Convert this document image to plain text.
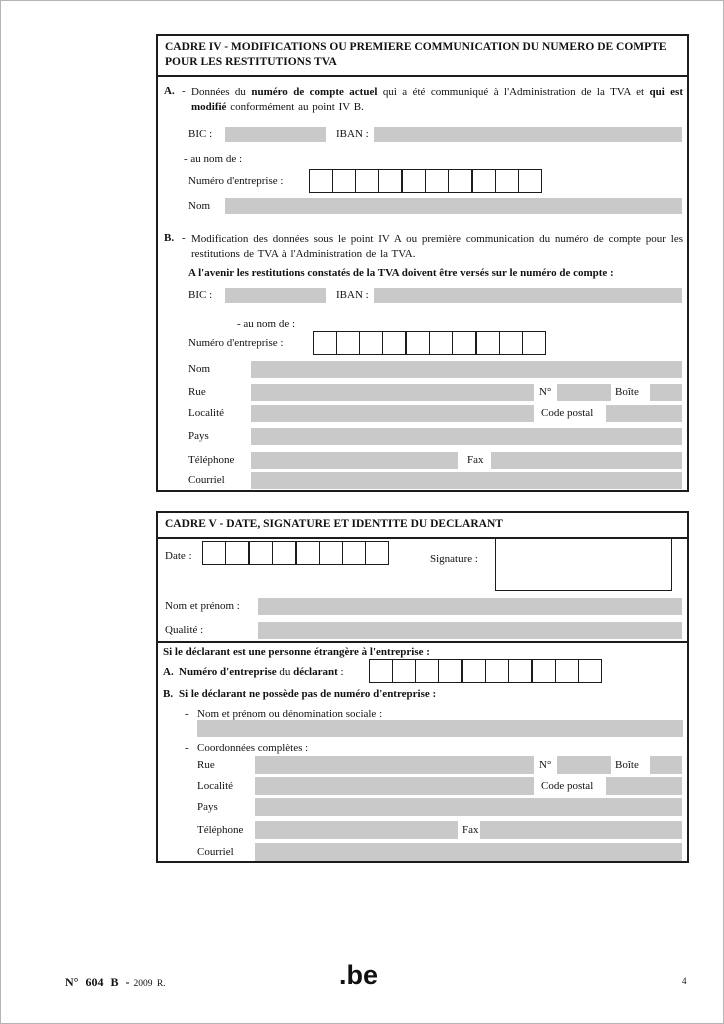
CADRE IV - MODIFICATIONS OU PREMIERE COMMUNICATION DU NUMERO DE COMPTE POUR LES RESTITUTIONS TVA
A. - Données du numéro de compte actuel qui a été communiqué à l'Administration de la TVA et qui est modifié conformément au point IV B.
BIC :	IBAN :
- au nom de :
Numéro d'entreprise :
Nom
B. - Modification des données sous le point IV A ou première communication du numéro de compte pour les restitutions de TVA à l'Administration de la TVA.
A l'avenir les restitutions constatés de la TVA doivent être versés sur le numéro de compte :
BIC :	IBAN :
- au nom de :
Numéro d'entreprise :
Nom
Rue	N°	Boîte
Localité	Code postal
Pays
Téléphone	Fax
Courriel
CADRE V - DATE, SIGNATURE ET IDENTITE DU DECLARANT
Date :	Signature :
Nom et prénom :
Qualité :
Si le déclarant est une personne étrangère à l'entreprise :
A. Numéro d'entreprise du déclarant :
B. Si le déclarant ne possède pas de numéro d'entreprise :
- Nom et prénom ou dénomination sociale :
- Coordonnées complètes :
Rue	N°	Boîte
Localité	Code postal
Pays
Téléphone	Fax
Courriel
N° 604 B - 2009 R.	.be	4
